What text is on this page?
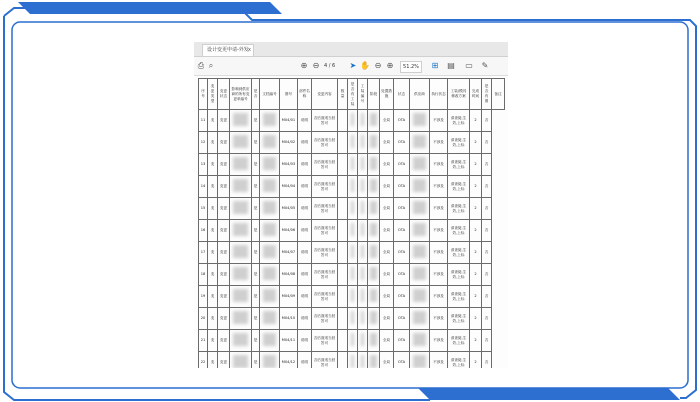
设计变更申请-外发 x
⎙ ⌕	⊕ ⊖ 4 / 6	➤ ✋ ⊖ ⊕	51.2%	⊞ ▤ ▭ ✎
序号	变更类型	变更状态	影响到供应商的所有变更单编号	是否	文档编号	图号	部件名称	变更内容	数量	是否有工装	工装编号	阶段	处置措施	状态	供应商	执行状态	工装/模具修改方案	完成时间	是否有图	备注
11	变	变更		是		M04/01	说明	否后面适当回答可					全局	OTA		不涉及	请查阅,生效,上标	2	否	
12	变	变更		是		M04/02	说明	否后面适当回答可					全局	OTA		不涉及	请查阅,生效,上标	2	否	
13	变	变更		是		M04/03	说明	否后面适当回答可					全局	OTA		不涉及	请查阅,生效,上标	2	否	
14	变	变更		是		M04/04	说明	否后面适当回答可					全局	OTA		不涉及	请查阅,生效,上标	2	否	
15	变	变更		是		M04/05	说明	否后面适当回答可					全局	OTA		不涉及	请查阅,生效,上标	2	否	
16	变	变更		是		M04/06	说明	否后面适当回答可					全局	OTA		不涉及	请查阅,生效,上标	2	否	
17	变	变更		是		M04/07	说明	否后面适当回答可					全局	OTA		不涉及	请查阅,生效,上标	2	否	
18	变	变更		是		M04/08	说明	否后面适当回答可					全局	OTA		不涉及	请查阅,生效,上标	2	否	
19	变	变更		是		M04/09	说明	否后面适当回答可					全局	OTA		不涉及	请查阅,生效,上标	2	否	
20	变	变更		是		M04/10	说明	否后面适当回答可					全局	OTA		不涉及	请查阅,生效,上标	2	否	
21	变	变更		是		M04/11	说明	否后面适当回答可					全局	OTA		不涉及	请查阅,生效,上标	2	否	
22	变	变更		是		M04/12	说明	否后面适当回答可					全局	OTA		不涉及	请查阅,生效,上标	2	否	
